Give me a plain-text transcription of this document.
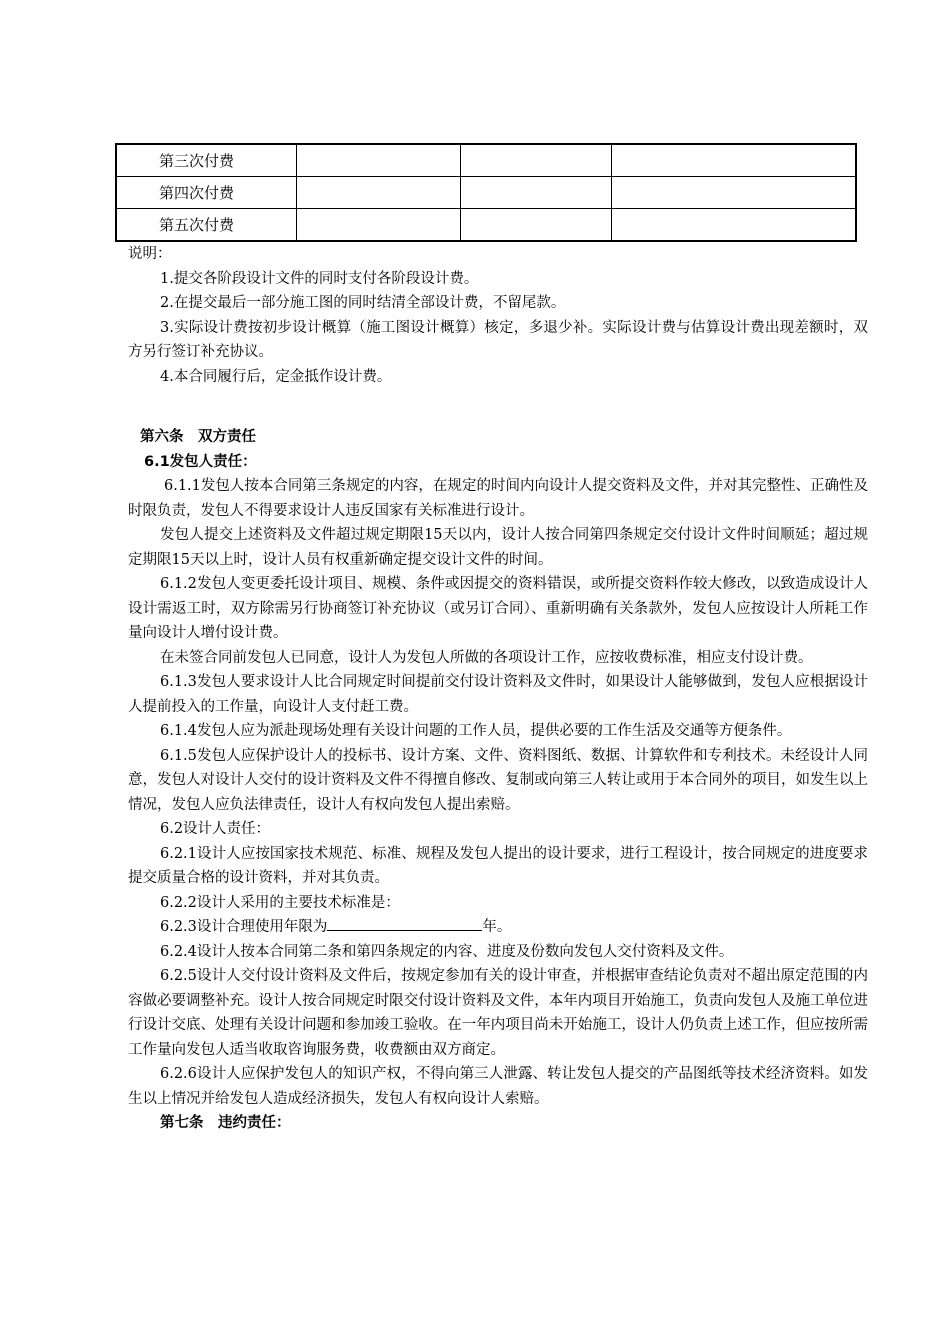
第三次付费			
第四次付费			
第五次付费			

说明：

1.提交各阶段设计文件的同时支付各阶段设计费。

2.在提交最后一部分施工图的同时结清全部设计费，不留尾款。

3.实际设计费按初步设计概算（施工图设计概算）核定，多退少补。实际设计费与估算设计费出现差额时，双方另行签订补充协议。

4.本合同履行后，定金抵作设计费。

第六条　双方责任

6.1发包人责任：

6.1.1发包人按本合同第三条规定的内容，在规定的时间内向设计人提交资料及文件，并对其完整性、正确性及时限负责，发包人不得要求设计人违反国家有关标准进行设计。

发包人提交上述资料及文件超过规定期限15天以内，设计人按合同第四条规定交付设计文件时间顺延；超过规定期限15天以上时，设计人员有权重新确定提交设计文件的时间。

6.1.2发包人变更委托设计项目、规模、条件或因提交的资料错误，或所提交资料作较大修改，以致造成设计人设计需返工时，双方除需另行协商签订补充协议（或另订合同）、重新明确有关条款外，发包人应按设计人所耗工作量向设计人增付设计费。

在未签合同前发包人已同意，设计人为发包人所做的各项设计工作，应按收费标准，相应支付设计费。

6.1.3发包人要求设计人比合同规定时间提前交付设计资料及文件时，如果设计人能够做到，发包人应根据设计人提前投入的工作量，向设计人支付赶工费。

6.1.4发包人应为派赴现场处理有关设计问题的工作人员，提供必要的工作生活及交通等方便条件。

6.1.5发包人应保护设计人的投标书、设计方案、文件、资料图纸、数据、计算软件和专利技术。未经设计人同意，发包人对设计人交付的设计资料及文件不得擅自修改、复制或向第三人转让或用于本合同外的项目，如发生以上情况，发包人应负法律责任，设计人有权向发包人提出索赔。

6.2设计人责任：

6.2.1设计人应按国家技术规范、标准、规程及发包人提出的设计要求，进行工程设计，按合同规定的进度要求提交质量合格的设计资料，并对其负责。

6.2.2设计人采用的主要技术标准是：

6.2.3设计合理使用年限为	年。

6.2.4设计人按本合同第二条和第四条规定的内容、进度及份数向发包人交付资料及文件。

6.2.5设计人交付设计资料及文件后，按规定参加有关的设计审查，并根据审查结论负责对不超出原定范围的内容做必要调整补充。设计人按合同规定时限交付设计资料及文件，本年内项目开始施工，负责向发包人及施工单位进行设计交底、处理有关设计问题和参加竣工验收。在一年内项目尚未开始施工，设计人仍负责上述工作，但应按所需工作量向发包人适当收取咨询服务费，收费额由双方商定。

6.2.6设计人应保护发包人的知识产权，不得向第三人泄露、转让发包人提交的产品图纸等技术经济资料。如发生以上情况并给发包人造成经济损失，发包人有权向设计人索赔。

第七条　违约责任：
